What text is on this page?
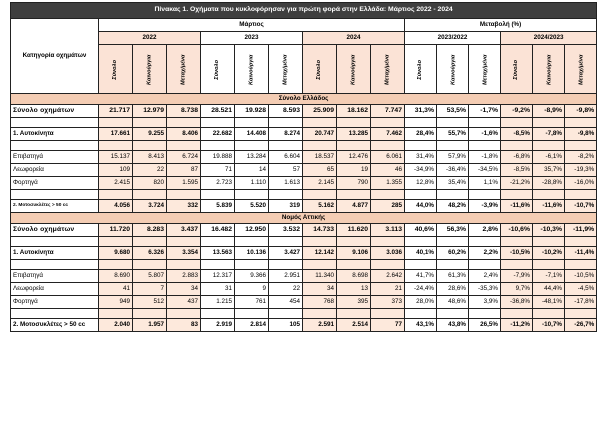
Πίνακας 1. Οχήματα που κυκλοφόρησαν για πρώτη φορά στην Ελλάδα: Μάρτιος 2022 - 2024															
Κατηγορία οχημάτων	Μάρτιος									Μεταβολή (%)					
	2022			2023			2024			2023/2022			2024/2023		
	Σύνολο	Καινούργια	Μεταχ/μένα	Σύνολο	Καινούργια	Μεταχ/μένα	Σύνολο	Καινούργια	Μεταχ/μένα	Σύνολο	Καινούργια	Μεταχ/μένα	Σύνολο	Καινούργια	Μεταχ/μένα
Σύνολο Ελλάδος															
Σύνολο οχημάτων	21.717	12.979	8.738	28.521	19.928	8.593	25.909	18.162	7.747	31,3%	53,5%	-1,7%	-9,2%	-8,9%	-9,8%

1. Αυτοκίνητα	17.661	9.255	8.406	22.682	14.408	8.274	20.747	13.285	7.462	28,4%	55,7%	-1,6%	-8,5%	-7,8%	-9,8%

Επιβατηγά	15.137	8.413	6.724	19.888	13.284	6.604	18.537	12.476	6.061	31,4%	57,9%	-1,8%	-6,8%	-6,1%	-8,2%
Λεωφορεία	109	22	87	71	14	57	65	19	46	-34,9%	-36,4%	-34,5%	-8,5%	35,7%	-19,3%
Φορτηγά	2.415	820	1.595	2.723	1.110	1.613	2.145	790	1.355	12,8%	35,4%	1,1%	-21,2%	-28,8%	-16,0%

2. Μοτοσυκλέτες > 50 cc	4.056	3.724	332	5.839	5.520	319	5.162	4.877	285	44,0%	48,2%	-3,9%	-11,6%	-11,6%	-10,7%
Νομός Αττικής															
Σύνολο οχημάτων	11.720	8.283	3.437	16.482	12.950	3.532	14.733	11.620	3.113	40,6%	56,3%	2,8%	-10,6%	-10,3%	-11,9%

1. Αυτοκίνητα	9.680	6.326	3.354	13.563	10.136	3.427	12.142	9.106	3.036	40,1%	60,2%	2,2%	-10,5%	-10,2%	-11,4%

Επιβατηγά	8.690	5.807	2.883	12.317	9.366	2.951	11.340	8.698	2.642	41,7%	61,3%	2,4%	-7,9%	-7,1%	-10,5%
Λεωφορεία	41	7	34	31	9	22	34	13	21	-24,4%	28,6%	-35,3%	9,7%	44,4%	-4,5%
Φορτηγά	949	512	437	1.215	761	454	768	395	373	28,0%	48,6%	3,9%	-36,8%	-48,1%	-17,8%

2. Μοτοσυκλέτες > 50 cc	2.040	1.957	83	2.919	2.814	105	2.591	2.514	77	43,1%	43,8%	26,5%	-11,2%	-10,7%	-26,7%
